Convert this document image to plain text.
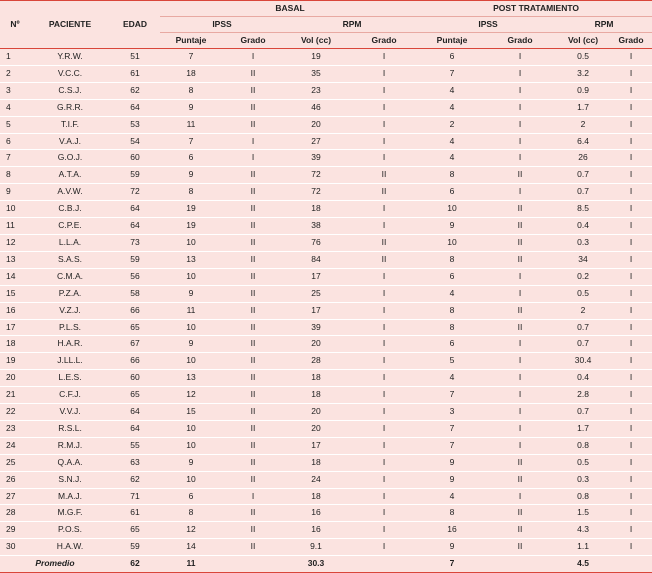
Nº	PACIENTE	EDAD	BASAL				POST TRATAMIENTO			
			IPSS		RPM		IPSS		RPM	
			Puntaje	Grado	Vol (cc)	Grado	Puntaje	Grado	Vol (cc)	Grado
1	Y.R.W.	51	7	I	19	I	6	I	0.5	I
2	V.C.C.	61	18	II	35	I	7	I	3.2	I
3	C.S.J.	62	8	II	23	I	4	I	0.9	I
4	G.R.R.	64	9	II	46	I	4	I	1.7	I
5	T.I.F.	53	11	II	20	I	2	I	2	I
6	V.A.J.	54	7	I	27	I	4	I	6.4	I
7	G.O.J.	60	6	I	39	I	4	I	26	I
8	A.T.A.	59	9	II	72	II	8	II	0.7	I
9	A.V.W.	72	8	II	72	II	6	I	0.7	I
10	C.B.J.	64	19	II	18	I	10	II	8.5	I
11	C.P.E.	64	19	II	38	I	9	II	0.4	I
12	L.L.A.	73	10	II	76	II	10	II	0.3	I
13	S.A.S.	59	13	II	84	II	8	II	34	I
14	C.M.A.	56	10	II	17	I	6	I	0.2	I
15	P.Z.A.	58	9	II	25	I	4	I	0.5	I
16	V.Z.J.	66	11	II	17	I	8	II	2	I
17	P.L.S.	65	10	II	39	I	8	II	0.7	I
18	H.A.R.	67	9	II	20	I	6	I	0.7	I
19	J.LL.L.	66	10	II	28	I	5	I	30.4	I
20	L.E.S.	60	13	II	18	I	4	I	0.4	I
21	C.F.J.	65	12	II	18	I	7	I	2.8	I
22	V.V.J.	64	15	II	20	I	3	I	0.7	I
23	R.S.L.	64	10	II	20	I	7	I	1.7	I
24	R.M.J.	55	10	II	17	I	7	I	0.8	I
25	Q.A.A.	63	9	II	18	I	9	II	0.5	I
26	S.N.J.	62	10	II	24	I	9	II	0.3	I
27	M.A.J.	71	6	I	18	I	4	I	0.8	I
28	M.G.F.	61	8	II	16	I	8	II	1.5	I
29	P.O.S.	65	12	II	16	I	16	II	4.3	I
30	H.A.W.	59	14	II	9.1	I	9	II	1.1	I
Promedio		62	11		30.3		7		4.5	
